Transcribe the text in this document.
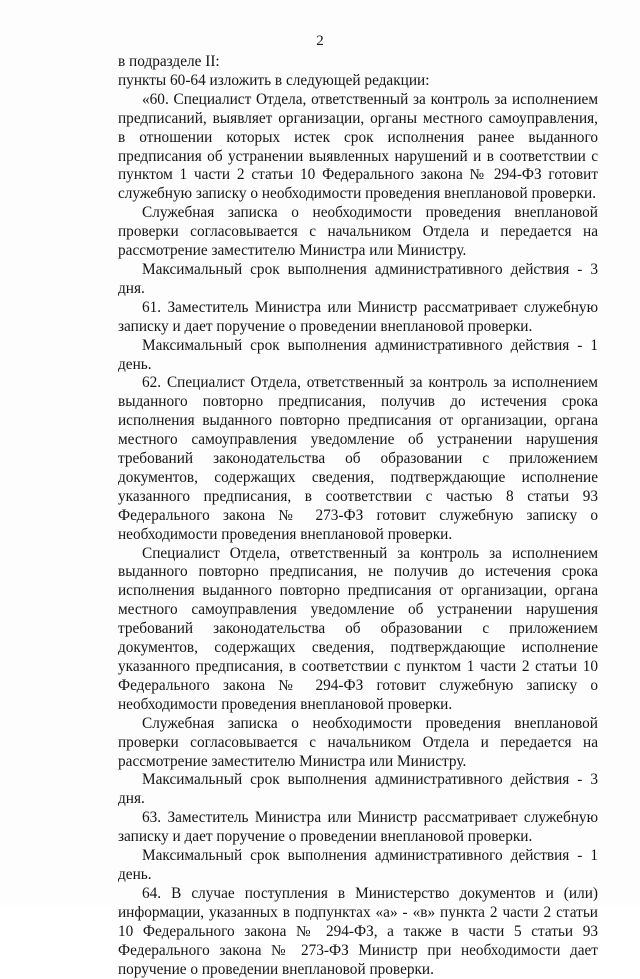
2

в подразделе II:

пункты 60-64 изложить в следующей редакции:

«60. Специалист Отдела, ответственный за контроль за исполнением предписаний, выявляет организации, органы местного самоуправления, в отношении которых истек срок исполнения ранее выданного предписания об устранении выявленных нарушений и в соответствии с пунктом 1 части 2 статьи 10 Федерального закона № 294-ФЗ готовит служебную записку о необходимости проведения внеплановой проверки.

Служебная записка о необходимости проведения внеплановой проверки согласовывается с начальником Отдела и передается на рассмотрение заместителю Министра или Министру.

Максимальный срок выполнения административного действия - 3 дня.

61. Заместитель Министра или Министр рассматривает служебную записку и дает поручение о проведении внеплановой проверки.

Максимальный срок выполнения административного действия - 1 день.

62. Специалист Отдела, ответственный за контроль за исполнением выданного повторно предписания, получив до истечения срока исполнения выданного повторно предписания от организации, органа местного самоуправления уведомление об устранении нарушения требований законодательства об образовании с приложением документов, содержащих сведения, подтверждающие исполнение указанного предписания, в соответствии с частью 8 статьи 93 Федерального закона № 273-ФЗ готовит служебную записку о необходимости проведения внеплановой проверки.

Специалист Отдела, ответственный за контроль за исполнением выданного повторно предписания, не получив до истечения срока исполнения выданного повторно предписания от организации, органа местного самоуправления уведомление об устранении нарушения требований законодательства об образовании с приложением документов, содержащих сведения, подтверждающие исполнение указанного предписания, в соответствии с пунктом 1 части 2 статьи 10 Федерального закона № 294-ФЗ готовит служебную записку о необходимости проведения внеплановой проверки.

Служебная записка о необходимости проведения внеплановой проверки согласовывается с начальником Отдела и передается на рассмотрение заместителю Министра или Министру.

Максимальный срок выполнения административного действия - 3 дня.

63. Заместитель Министра или Министр рассматривает служебную записку и дает поручение о проведении внеплановой проверки.

Максимальный срок выполнения административного действия - 1 день.

64. В случае поступления в Министерство документов и (или) информации, указанных в подпунктах «а» - «в» пункта 2 части 2 статьи 10 Федерального закона № 294-ФЗ, а также в части 5 статьи 93 Федерального закона № 273-ФЗ Министр при необходимости дает поручение о проведении внеплановой проверки.
